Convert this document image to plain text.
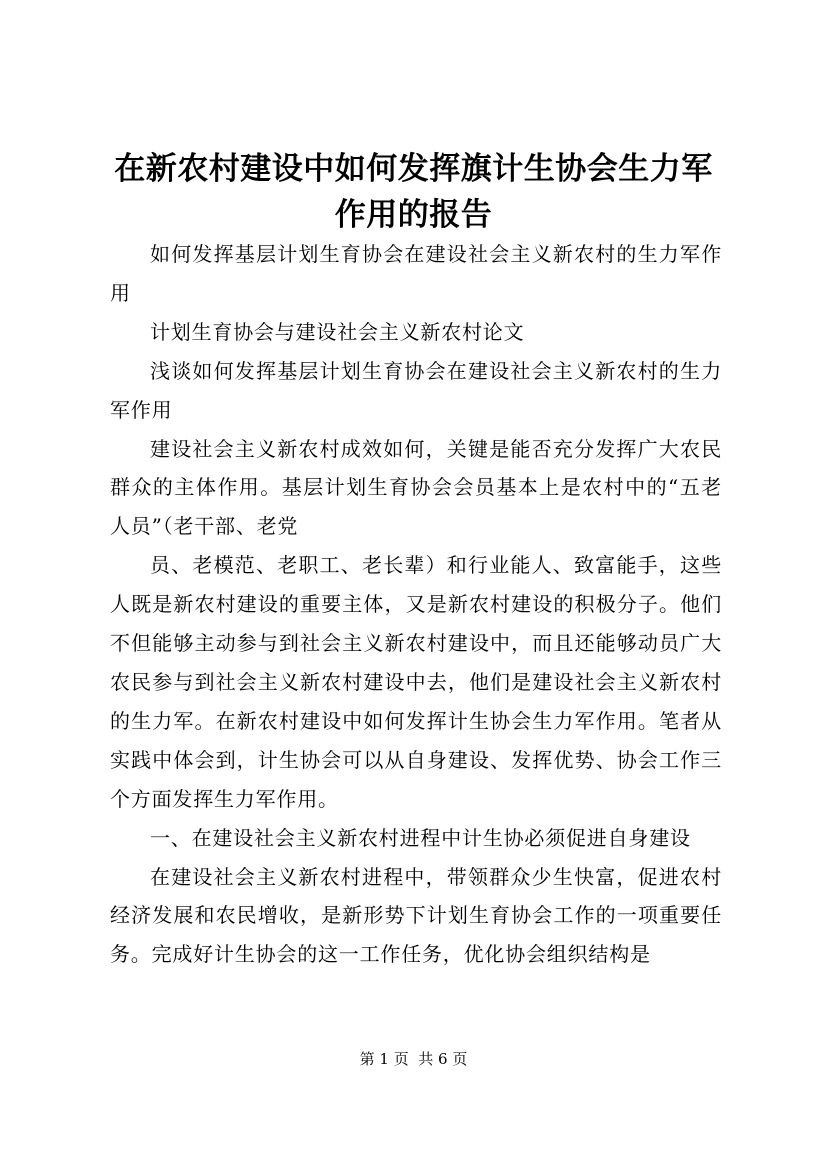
在新农村建设中如何发挥旗计生协会生力军作用的报告

如何发挥基层计划生育协会在建设社会主义新农村的生力军作用

计划生育协会与建设社会主义新农村论文

浅谈如何发挥基层计划生育协会在建设社会主义新农村的生力军作用

建设社会主义新农村成效如何，关键是能否充分发挥广大农民群众的主体作用。基层计划生育协会会员基本上是农村中的“五老人员”（老干部、老党

员、老模范、老职工、老长辈）和行业能人、致富能手，这些人既是新农村建设的重要主体，又是新农村建设的积极分子。他们不但能够主动参与到社会主义新农村建设中，而且还能够动员广大农民参与到社会主义新农村建设中去，他们是建设社会主义新农村的生力军。在新农村建设中如何发挥计生协会生力军作用。笔者从实践中体会到，计生协会可以从自身建设、发挥优势、协会工作三个方面发挥生力军作用。

一、在建设社会主义新农村进程中计生协必须促进自身建设

在建设社会主义新农村进程中，带领群众少生快富，促进农村经济发展和农民增收，是新形势下计划生育协会工作的一项重要任务。完成好计生协会的这一工作任务，优化协会组织结构是

第 1 页  共 6 页
